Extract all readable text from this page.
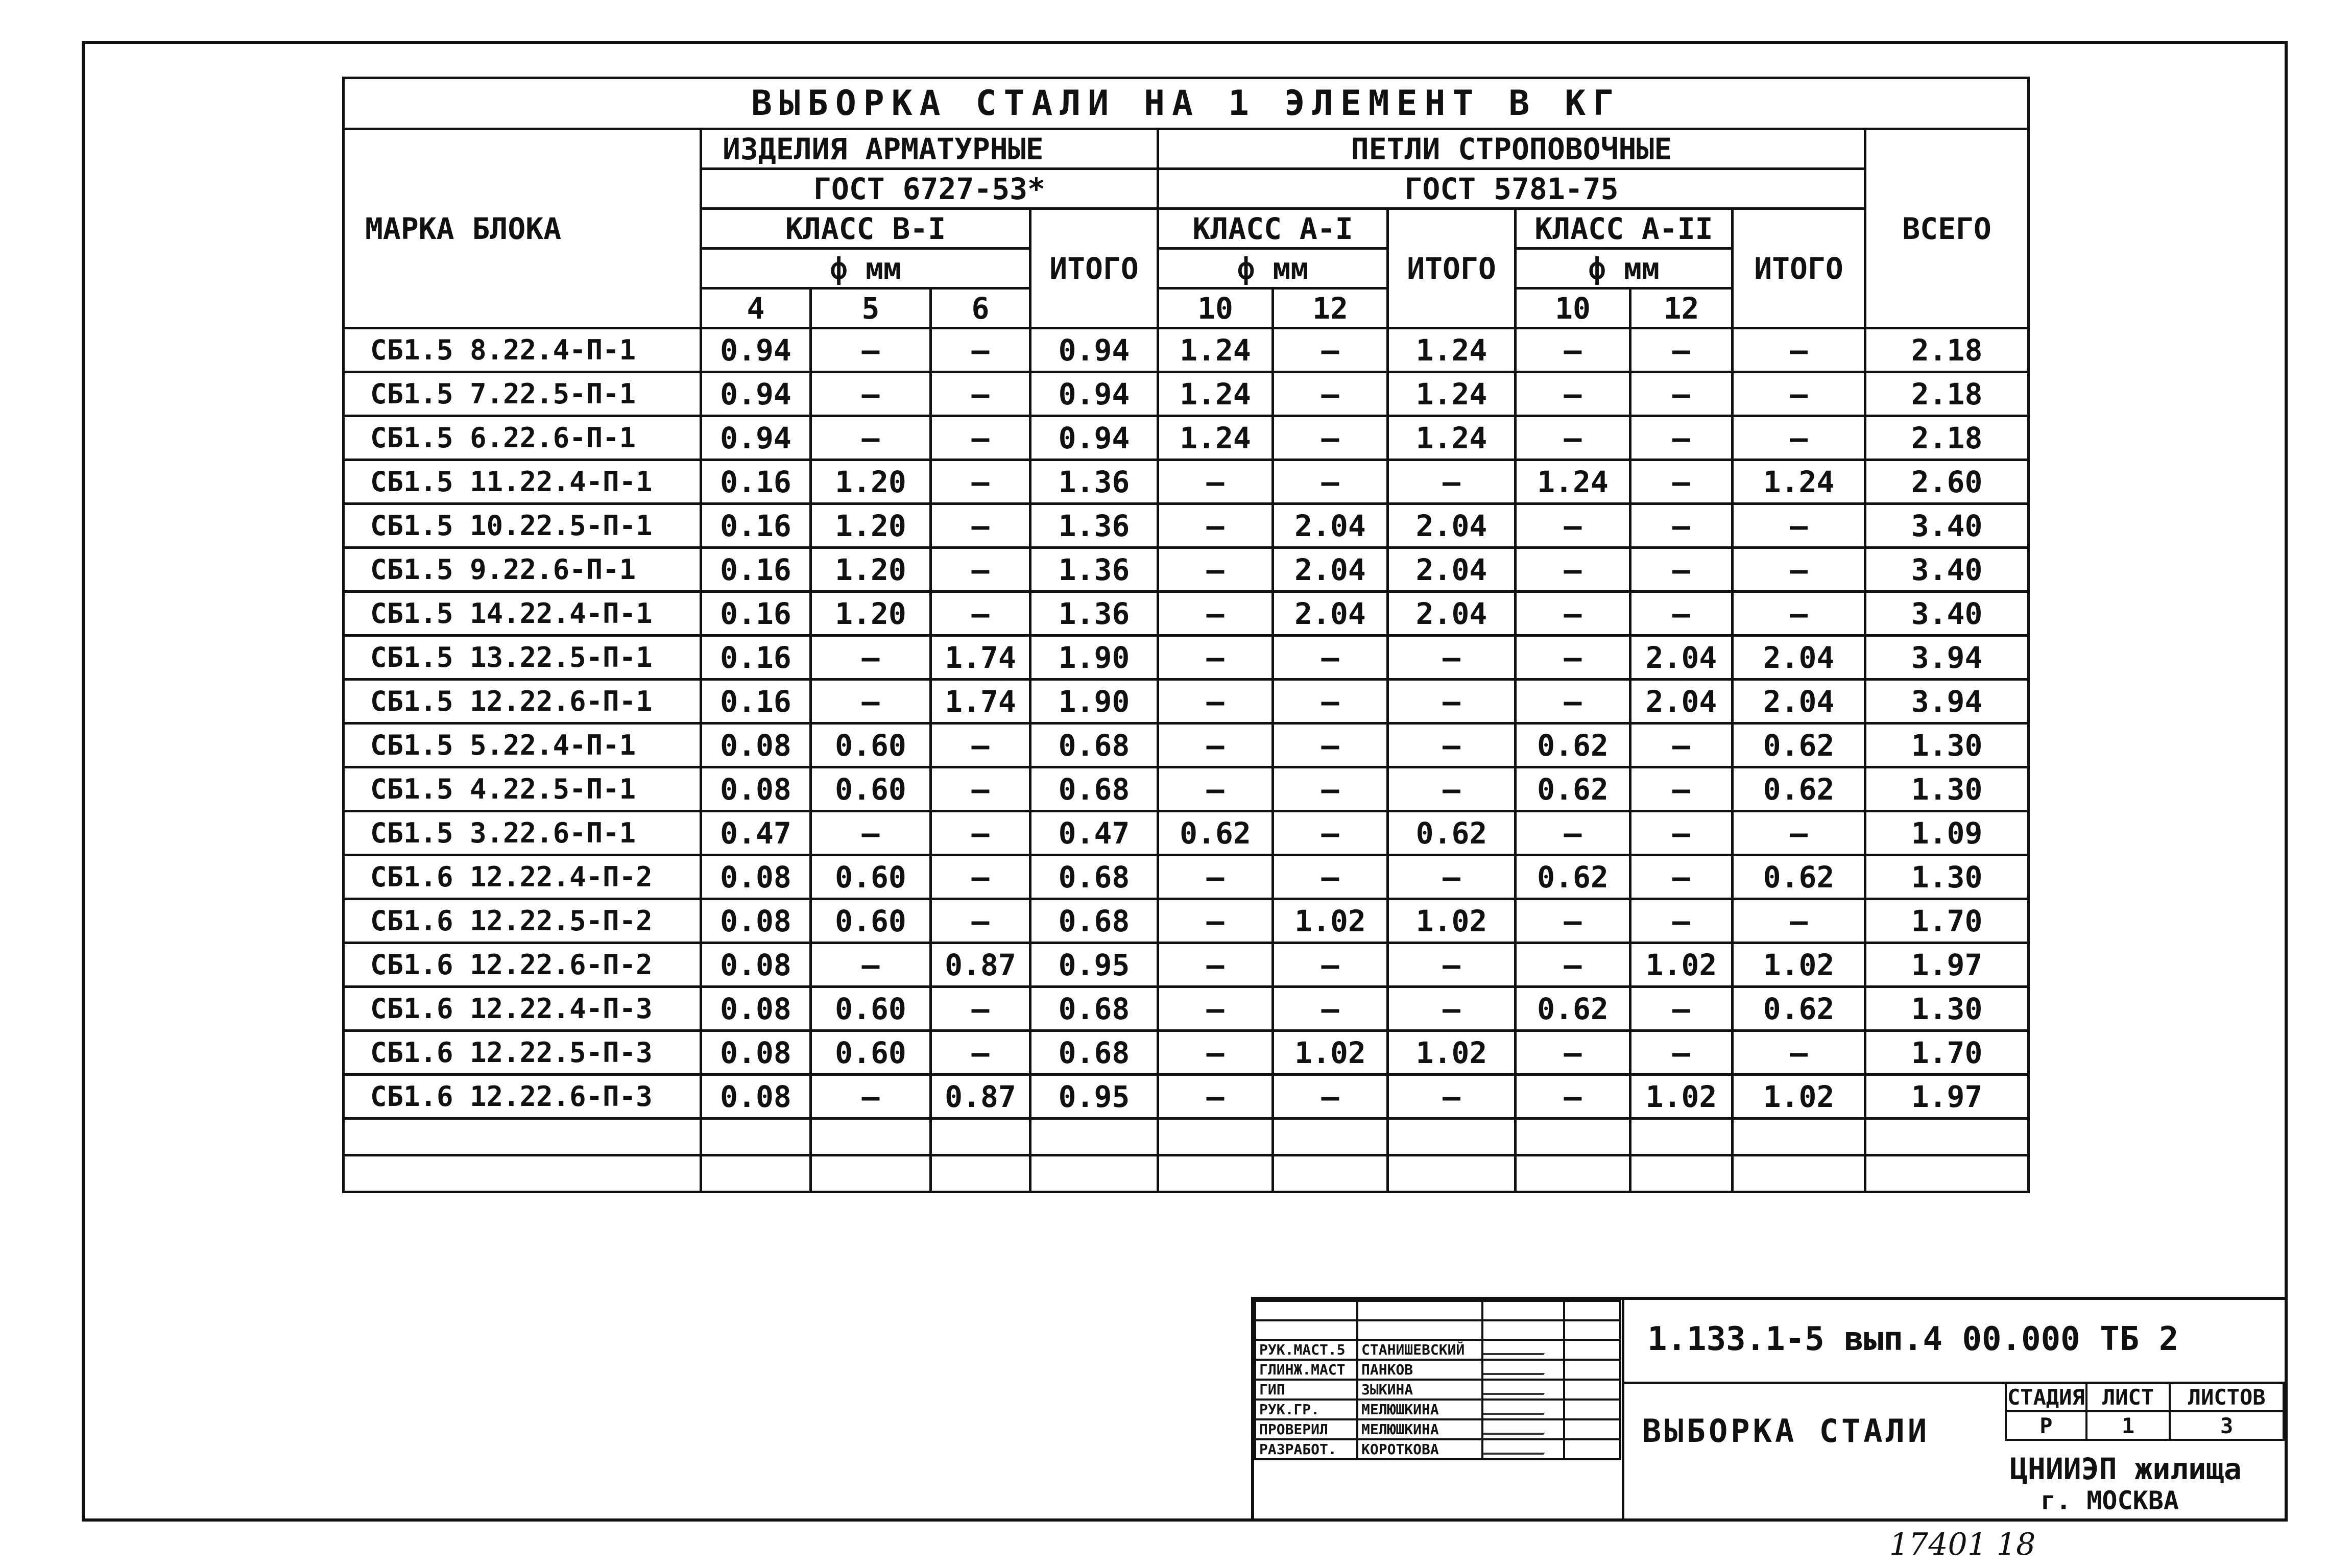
ВЫБОРКА СТАЛИ НА 1 ЭЛЕМЕНТ В КГ											
МАРКА БЛОКА	ИЗДЕЛИЯ АРМАТУРНЫЕ				ПЕТЛИ СТРОПОВОЧНЫЕ						ВСЕГО
	ГОСТ 6727-53*				ГОСТ 5781-75						
	КЛАСС В-I			ИТОГО	КЛАСС А-I		ИТОГО	КЛАСС А-II		ИТОГО	
	ф мм				ф мм			ф мм			
	4	5	6		10	12		10	12		
СБ1.5 8.22.4-П-1	0.94	—	—	0.94	1.24	—	1.24	—	—	—	2.18
СБ1.5 7.22.5-П-1	0.94	—	—	0.94	1.24	—	1.24	—	—	—	2.18
СБ1.5 6.22.6-П-1	0.94	—	—	0.94	1.24	—	1.24	—	—	—	2.18
СБ1.5 11.22.4-П-1	0.16	1.20	—	1.36	—	—	—	1.24	—	1.24	2.60
СБ1.5 10.22.5-П-1	0.16	1.20	—	1.36	—	2.04	2.04	—	—	—	3.40
СБ1.5 9.22.6-П-1	0.16	1.20	—	1.36	—	2.04	2.04	—	—	—	3.40
СБ1.5 14.22.4-П-1	0.16	1.20	—	1.36	—	2.04	2.04	—	—	—	3.40
СБ1.5 13.22.5-П-1	0.16	—	1.74	1.90	—	—	—	—	2.04	2.04	3.94
СБ1.5 12.22.6-П-1	0.16	—	1.74	1.90	—	—	—	—	2.04	2.04	3.94
СБ1.5 5.22.4-П-1	0.08	0.60	—	0.68	—	—	—	0.62	—	0.62	1.30
СБ1.5 4.22.5-П-1	0.08	0.60	—	0.68	—	—	—	0.62	—	0.62	1.30
СБ1.5 3.22.6-П-1	0.47	—	—	0.47	0.62	—	0.62	—	—	—	1.09
СБ1.6 12.22.4-П-2	0.08	0.60	—	0.68	—	—	—	0.62	—	0.62	1.30
СБ1.6 12.22.5-П-2	0.08	0.60	—	0.68	—	1.02	1.02	—	—	—	1.70
СБ1.6 12.22.6-П-2	0.08	—	0.87	0.95	—	—	—	—	1.02	1.02	1.97
СБ1.6 12.22.4-П-3	0.08	0.60	—	0.68	—	—	—	0.62	—	0.62	1.30
СБ1.6 12.22.5-П-3	0.08	0.60	—	0.68	—	1.02	1.02	—	—	—	1.70
СБ1.6 12.22.6-П-3	0.08	—	0.87	0.95	—	—	—	—	1.02	1.02	1.97

РУК.МАСТ.5	СТАНИШЕВСКИЙ		
ГЛИНЖ.МАСТ	ПАНКОВ		
ГИП	ЗЫКИНА		
РУК.ГР.	МЕЛЮШКИНА		
ПРОВЕРИЛ	МЕЛЮШКИНА		
РАЗРАБОТ.	КОРОТКОВА		
1.133.1-5 вып.4 00.000 ТБ 2
ВЫБОРКА СТАЛИ
СТАДИЯ	ЛИСТ	ЛИСТОВ
Р	1	3
ЦНИИЭП жилища
г. МОСКВА
17401 18
